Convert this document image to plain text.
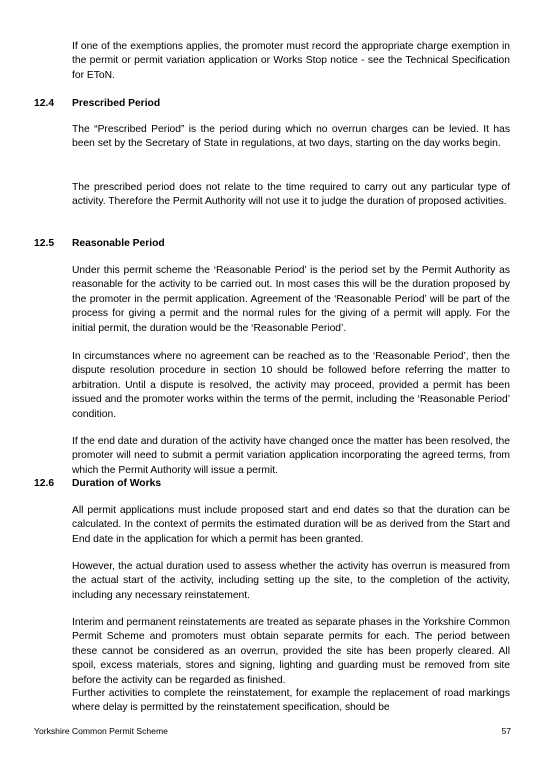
If one of the exemptions applies, the promoter must record the appropriate charge exemption in the permit or permit variation application or Works Stop notice - see the Technical Specification for EToN.

12.4 Prescribed Period

The “Prescribed Period” is the period during which no overrun charges can be levied. It has been set by the Secretary of State in regulations, at two days, starting on the day works begin.

The prescribed period does not relate to the time required to carry out any particular type of activity. Therefore the Permit Authority will not use it to judge the duration of proposed activities.

12.5 Reasonable Period

Under this permit scheme the ‘Reasonable Period’ is the period set by the Permit Authority as reasonable for the activity to be carried out. In most cases this will be the duration proposed by the promoter in the permit application. Agreement of the ‘Reasonable Period’ will be part of the process for giving a permit and the normal rules for the giving of a permit will apply. For the initial permit, the duration would be the ‘Reasonable Period’.

In circumstances where no agreement can be reached as to the ‘Reasonable Period’, then the dispute resolution procedure in section 10 should be followed before referring the matter to arbitration. Until a dispute is resolved, the activity may proceed, provided a permit has been issued and the promoter works within the terms of the permit, including the ‘Reasonable Period’ condition.

If the end date and duration of the activity have changed once the matter has been resolved, the promoter will need to submit a permit variation application incorporating the agreed terms, from which the Permit Authority will issue a permit.

12.6 Duration of Works

All permit applications must include proposed start and end dates so that the duration can be calculated. In the context of permits the estimated duration will be as derived from the Start and End date in the application for which a permit has been granted.

However, the actual duration used to assess whether the activity has overrun is measured from the actual start of the activity, including setting up the site, to the completion of the activity, including any necessary reinstatement.

Interim and permanent reinstatements are treated as separate phases in the Yorkshire Common Permit Scheme and promoters must obtain separate permits for each. The period between these cannot be considered as an overrun, provided the site has been properly cleared. All spoil, excess materials, stores and signing, lighting and guarding must be removed from site before the activity can be regarded as finished.

Further activities to complete the reinstatement, for example the replacement of road markings where delay is permitted by the reinstatement specification, should be

Yorkshire Common Permit Scheme	57
